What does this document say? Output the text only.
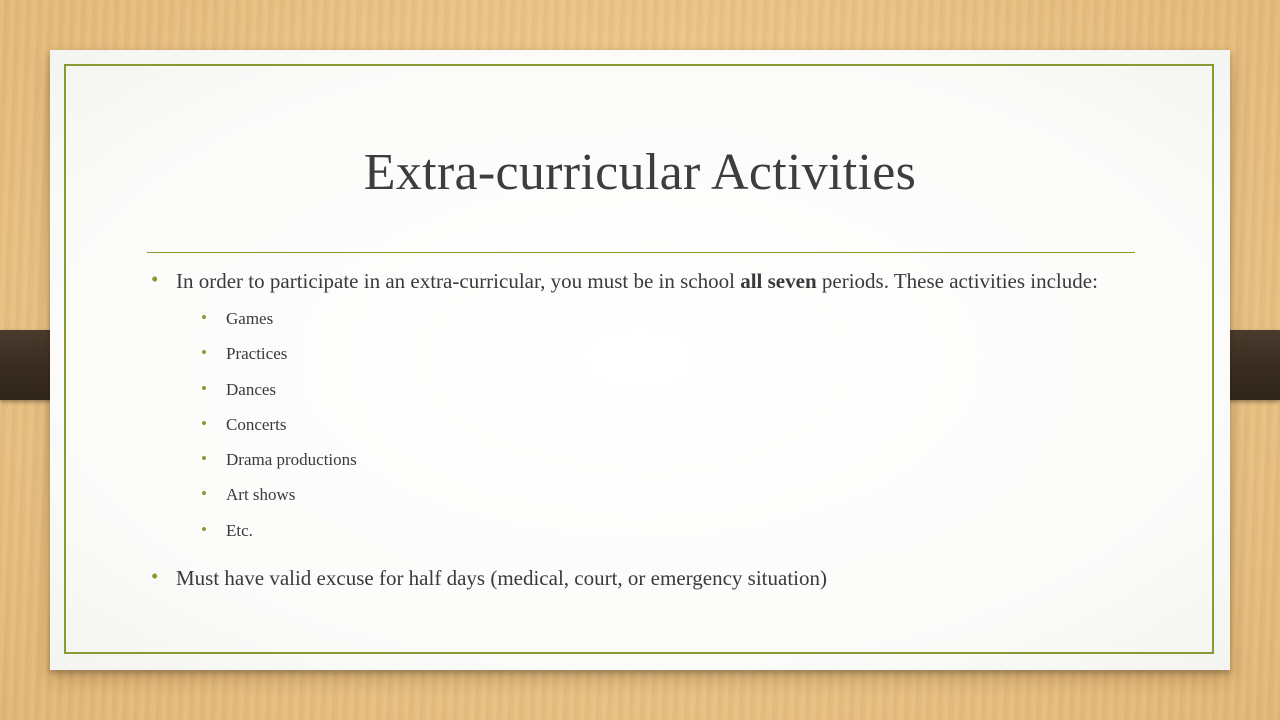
Extra-curricular Activities
• In order to participate in an extra-curricular, you must be in school all seven periods. These activities include:
• Games
• Practices
• Dances
• Concerts
• Drama productions
• Art shows
• Etc.
• Must have valid excuse for half days (medical, court, or emergency situation)
